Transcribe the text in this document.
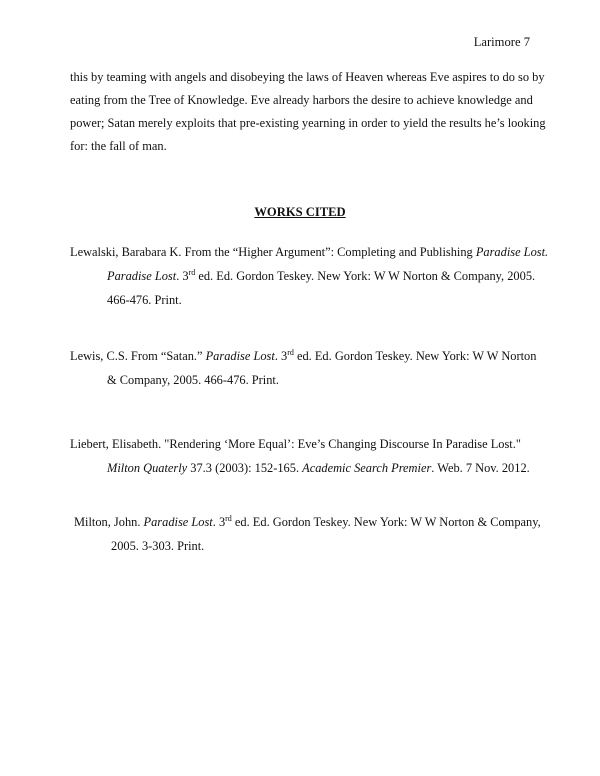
Larimore 7
this by teaming with angels and disobeying the laws of Heaven whereas Eve aspires to do so by
eating from the Tree of Knowledge. Eve already harbors the desire to achieve knowledge and
power; Satan merely exploits that pre-existing yearning in order to yield the results he’s looking
for: the fall of man.
WORKS CITED
Lewalski, Barabara K. From the “Higher Argument”: Completing and Publishing Paradise Lost.
Paradise Lost. 3rd ed. Ed. Gordon Teskey. New York: W W Norton & Company, 2005.
466-476. Print.
Lewis, C.S. From “Satan.” Paradise Lost. 3rd ed. Ed. Gordon Teskey. New York: W W Norton
& Company, 2005. 466-476. Print.
Liebert, Elisabeth. "Rendering ‘More Equal’: Eve’s Changing Discourse In Paradise Lost."
Milton Quaterly 37.3 (2003): 152-165. Academic Search Premier. Web. 7 Nov. 2012.
Milton, John. Paradise Lost. 3rd ed. Ed. Gordon Teskey. New York: W W Norton & Company,
2005. 3-303. Print.
